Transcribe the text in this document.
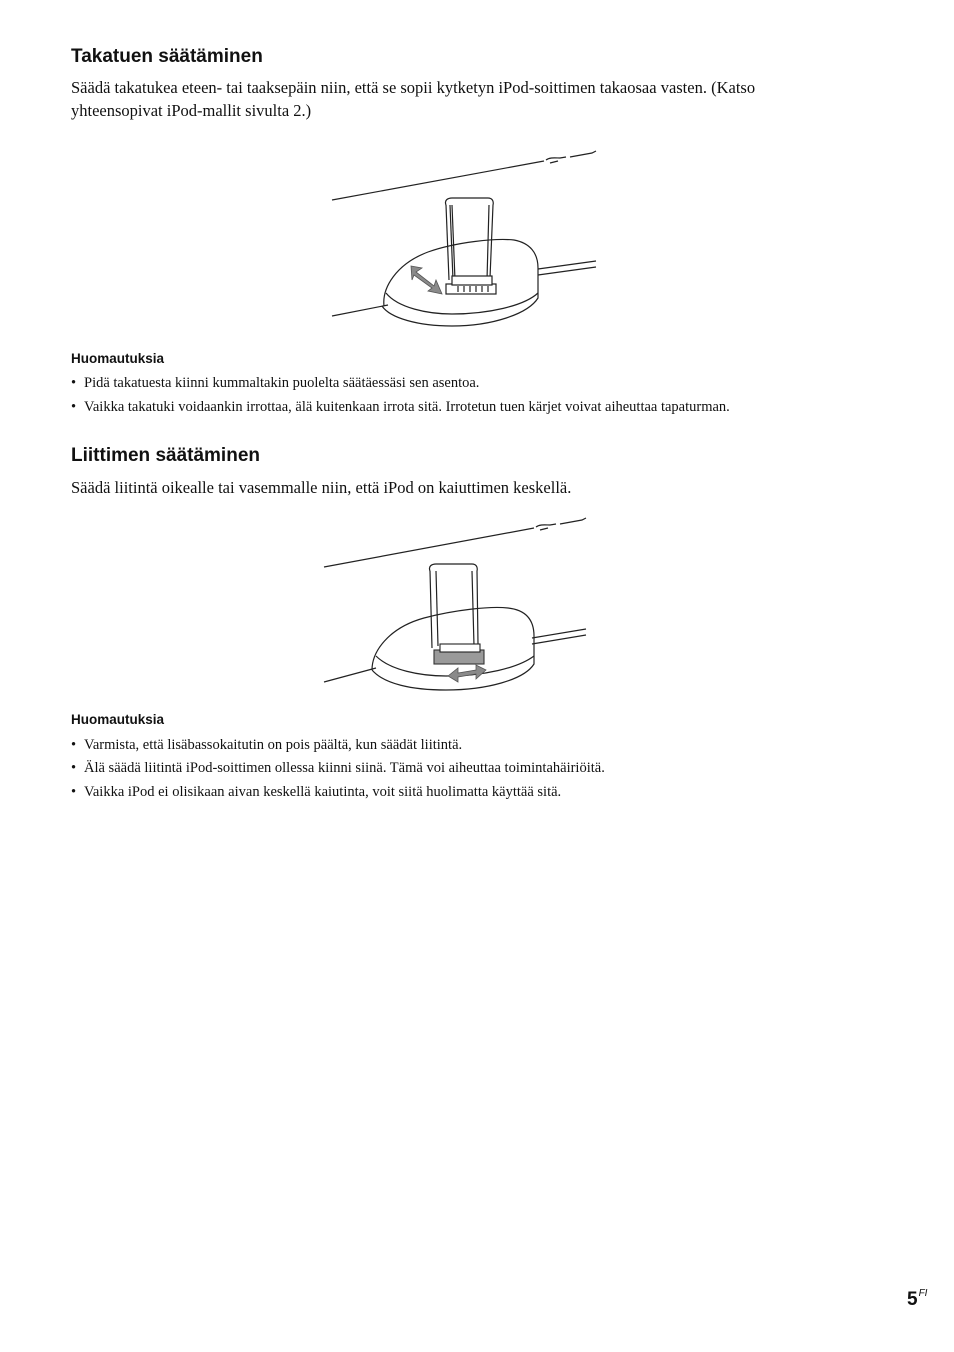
Takatuen säätäminen
Säädä takatukea eteen- tai taaksepäin niin, että se sopii kytketyn iPod-soittimen takaosaa vasten. (Katso
yhteensopivat iPod-mallit sivulta 2.)
Huomautuksia
• Pidä takatuesta kiinni kummaltakin puolelta säätäessäsi sen asentoa.
• Vaikka takatuki voidaankin irrottaa, älä kuitenkaan irrota sitä. Irrotetun tuen kärjet voivat aiheuttaa tapaturman.
Liittimen säätäminen
Säädä liitintä oikealle tai vasemmalle niin, että iPod on kaiuttimen keskellä.
Huomautuksia
• Varmista, että lisäbassokaitutin on pois päältä, kun säädät liitintä.
• Älä säädä liitintä iPod-soittimen ollessa kiinni siinä. Tämä voi aiheuttaa toimintahäiriöitä.
• Vaikka iPod ei olisikaan aivan keskellä kaiutinta, voit siitä huolimatta käyttää sitä.
$5^{FI}$
